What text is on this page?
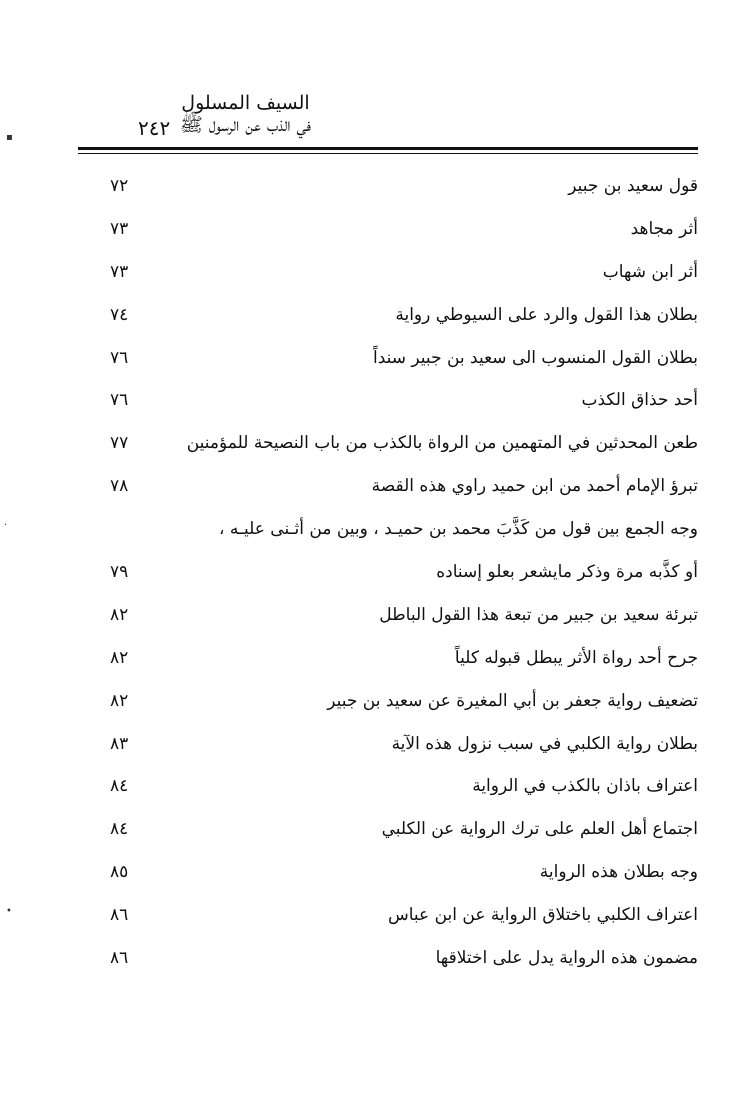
٢٤٢
السيف المسلول
في الذب عن الرسول ﷺ
قول سعيد بن جبير
٧٢
أثر مجاهد
٧٣
أثر ابن شهاب
٧٣
بطلان هذا القول والرد على السيوطي رواية
٧٤
بطلان القول المنسوب الى سعيد بن جبير سنداً
٧٦
أحد حذاق الكذب
٧٦
طعن المحدثين في المتهمين من الرواة بالكذب من باب النصيحة للمؤمنين
٧٧
تبرؤ الإمام أحمد من ابن حميد راوي هذه القصة
٧٨
وجه الجمع بين قول من كَذَّبَ محمد بن حميـد ، وبين من أثـنى عليـه ،
أو كذَّبه مرة وذكر مايشعر بعلو إسناده
٧٩
تبرئة سعيد بن جبير من تبعة هذا القول الباطل
٨٢
جرح أحد رواة الأثر يبطل قبوله كلياً
٨٢
تضعيف رواية جعفر بن أبي المغيرة عن سعيد بن جبير
٨٢
بطلان رواية الكلبي في سبب نزول هذه الآية
٨٣
اعتراف باذان بالكذب في الرواية
٨٤
اجتماع أهل العلم على ترك الرواية عن الكلبي
٨٤
وجه بطلان هذه الرواية
٨٥
اعتراف الكلبي باختلاق الرواية عن ابن عباس
٨٦
مضمون هذه الرواية يدل على اختلاقها
٨٦
▪
·
•
